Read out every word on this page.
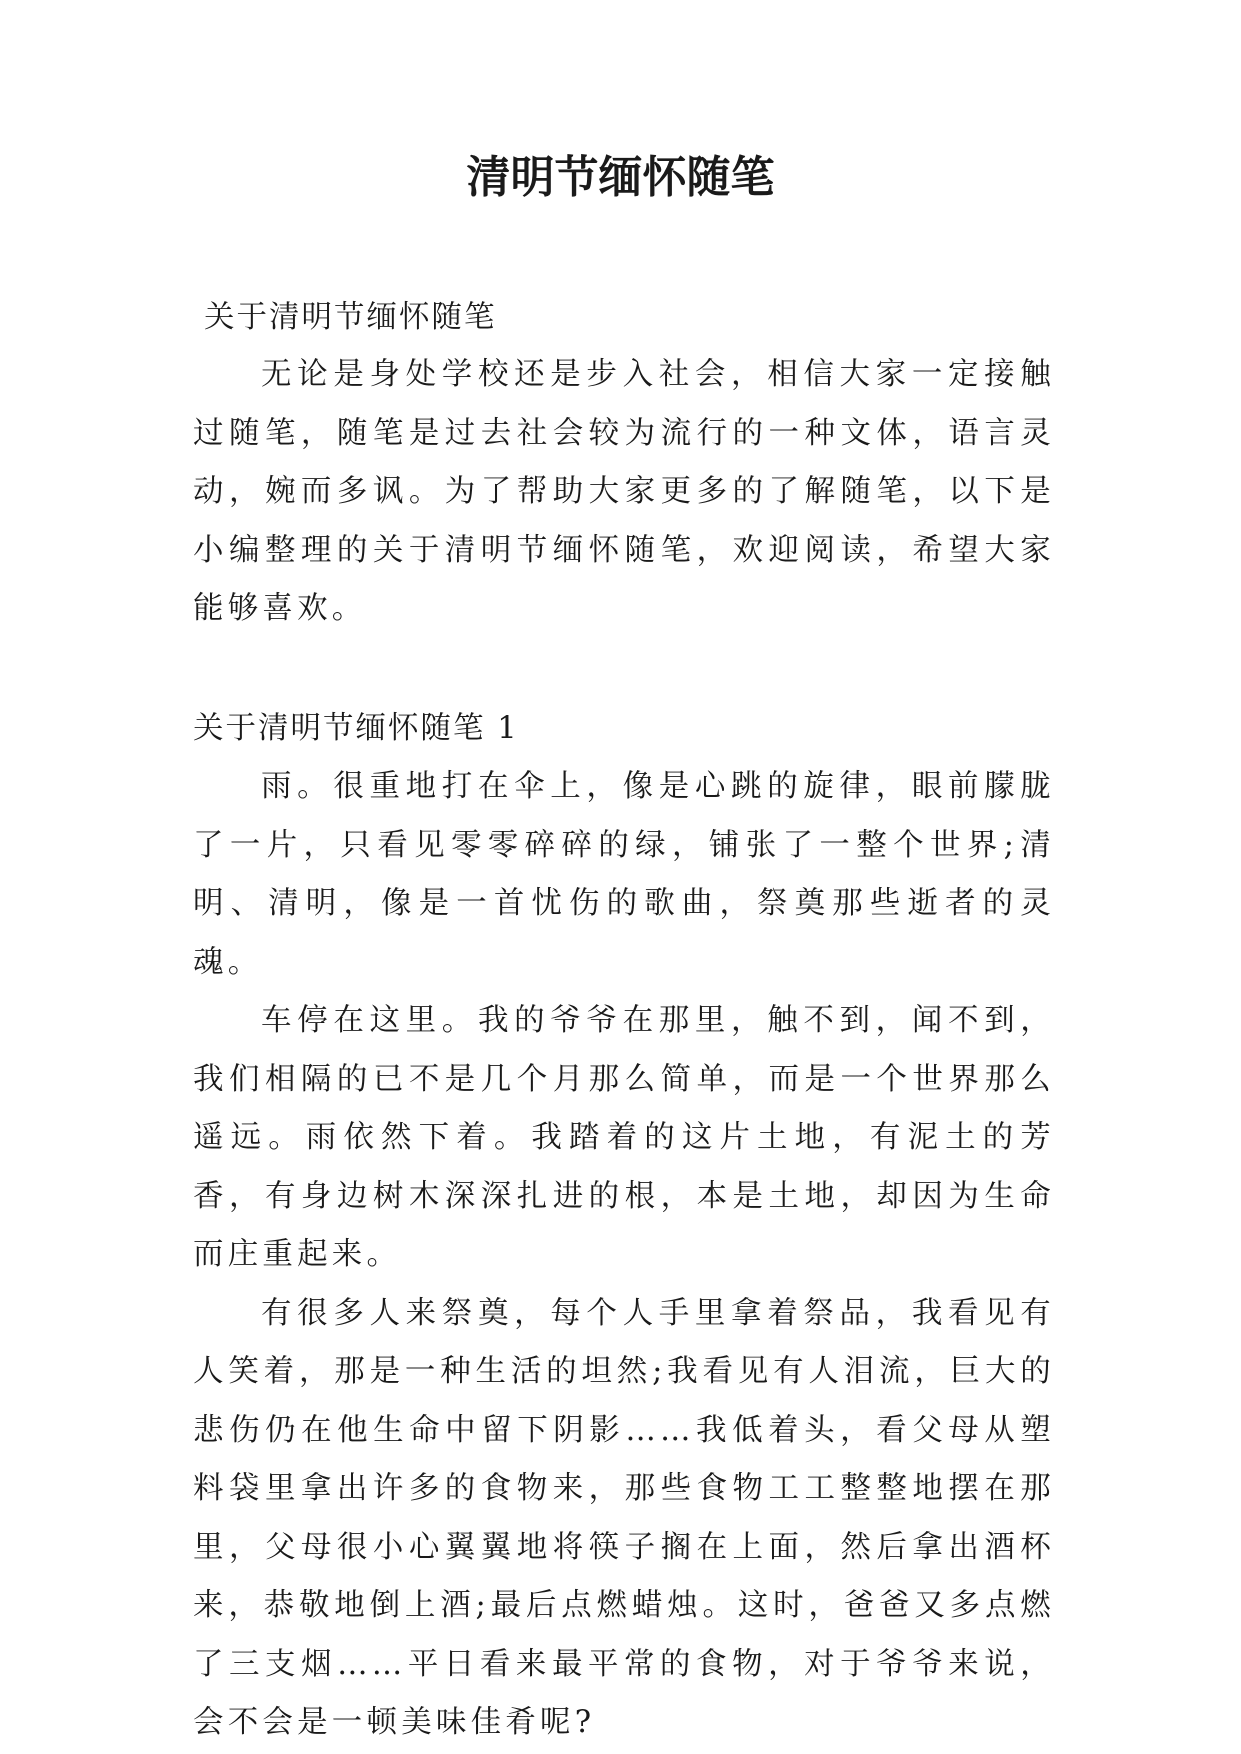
清明节缅怀随笔
关于清明节缅怀随笔

无论是身处学校还是步入社会，相信大家一定接触过随笔，随笔是过去社会较为流行的一种文体，语言灵动，婉而多讽。为了帮助大家更多的了解随笔，以下是小编整理的关于清明节缅怀随笔，欢迎阅读，希望大家能够喜欢。

关于清明节缅怀随笔 1

雨。很重地打在伞上，像是心跳的旋律，眼前朦胧了一片，只看见零零碎碎的绿，铺张了一整个世界;清明、清明，像是一首忧伤的歌曲，祭奠那些逝者的灵魂。

车停在这里。我的爷爷在那里，触不到，闻不到，我们相隔的已不是几个月那么简单，而是一个世界那么遥远。雨依然下着。我踏着的这片土地，有泥土的芳香，有身边树木深深扎进的根，本是土地，却因为生命而庄重起来。

有很多人来祭奠，每个人手里拿着祭品，我看见有人笑着，那是一种生活的坦然;我看见有人泪流，巨大的悲伤仍在他生命中留下阴影……我低着头，看父母从塑料袋里拿出许多的食物来，那些食物工工整整地摆在那里，父母很小心翼翼地将筷子搁在上面，然后拿出酒杯来，恭敬地倒上酒;最后点燃蜡烛。这时，爸爸又多点燃了三支烟……平日看来最平常的食物，对于爷爷来说，会不会是一顿美味佳肴呢?
